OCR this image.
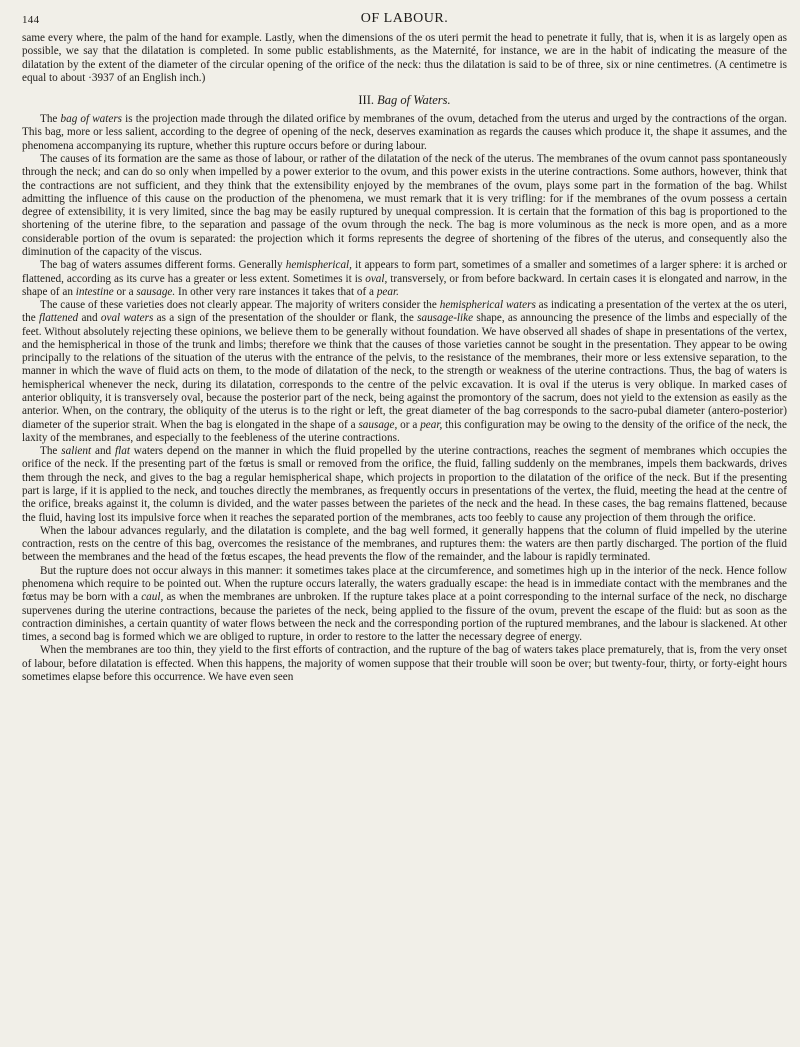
144	OF LABOUR.

same every where, the palm of the hand for example. Lastly, when the dimensions of the os uteri permit the head to penetrate it fully, that is, when it is as largely open as possible, we say that the dilatation is completed. In some public establishments, as the Maternité, for instance, we are in the habit of indicating the measure of the dilatation by the extent of the diameter of the circular opening of the orifice of the neck: thus the dilatation is said to be of three, six or nine centimetres. (A centimetre is equal to about ·3937 of an English inch.)

III. Bag of Waters.

The bag of waters is the projection made through the dilated orifice by membranes of the ovum, detached from the uterus and urged by the contractions of the organ. This bag, more or less salient, according to the degree of opening of the neck, deserves examination as regards the causes which produce it, the shape it assumes, and the phenomena accompanying its rupture, whether this rupture occurs before or during labour.

The causes of its formation are the same as those of labour, or rather of the dilatation of the neck of the uterus. The membranes of the ovum cannot pass spontaneously through the neck; and can do so only when impelled by a power exterior to the ovum, and this power exists in the uterine contractions. Some authors, however, think that the contractions are not sufficient, and they think that the extensibility enjoyed by the membranes of the ovum, plays some part in the formation of the bag. Whilst admitting the influence of this cause on the production of the phenomena, we must remark that it is very trifling: for if the membranes of the ovum possess a certain degree of extensibility, it is very limited, since the bag may be easily ruptured by unequal compression. It is certain that the formation of this bag is proportioned to the shortening of the uterine fibre, to the separation and passage of the ovum through the neck. The bag is more voluminous as the neck is more open, and as a more considerable portion of the ovum is separated: the projection which it forms represents the degree of shortening of the fibres of the uterus, and consequently also the diminution of the capacity of the viscus.

The bag of waters assumes different forms. Generally hemispherical, it appears to form part, sometimes of a smaller and sometimes of a larger sphere: it is arched or flattened, according as its curve has a greater or less extent. Sometimes it is oval, transversely, or from before backward. In certain cases it is elongated and narrow, in the shape of an intestine or a sausage. In other very rare instances it takes that of a pear.

The cause of these varieties does not clearly appear. The majority of writers consider the hemispherical waters as indicating a presentation of the vertex at the os uteri, the flattened and oval waters as a sign of the presentation of the shoulder or flank, the sausage-like shape, as announcing the presence of the limbs and especially of the feet. Without absolutely rejecting these opinions, we believe them to be generally without foundation. We have observed all shades of shape in presentations of the vertex, and the hemispherical in those of the trunk and limbs; therefore we think that the causes of those varieties cannot be sought in the presentation. They appear to be owing principally to the relations of the situation of the uterus with the entrance of the pelvis, to the resistance of the membranes, their more or less extensive separation, to the manner in which the wave of fluid acts on them, to the mode of dilatation of the neck, to the strength or weakness of the uterine contractions. Thus, the bag of waters is hemispherical whenever the neck, during its dilatation, corresponds to the centre of the pelvic excavation. It is oval if the uterus is very oblique. In marked cases of anterior obliquity, it is transversely oval, because the posterior part of the neck, being against the promontory of the sacrum, does not yield to the extension as easily as the anterior. When, on the contrary, the obliquity of the uterus is to the right or left, the great diameter of the bag corresponds to the sacro-pubal diameter (antero-posterior) diameter of the superior strait. When the bag is elongated in the shape of a sausage, or a pear, this configuration may be owing to the density of the orifice of the neck, the laxity of the membranes, and especially to the feebleness of the uterine contractions.

The salient and flat waters depend on the manner in which the fluid propelled by the uterine contractions, reaches the segment of membranes which occupies the orifice of the neck. If the presenting part of the fœtus is small or removed from the orifice, the fluid, falling suddenly on the membranes, impels them backwards, drives them through the neck, and gives to the bag a regular hemispherical shape, which projects in proportion to the dilatation of the orifice of the neck. But if the presenting part is large, if it is applied to the neck, and touches directly the membranes, as frequently occurs in presentations of the vertex, the fluid, meeting the head at the centre of the orifice, breaks against it, the column is divided, and the water passes between the parietes of the neck and the head. In these cases, the bag remains flattened, because the fluid, having lost its impulsive force when it reaches the separated portion of the membranes, acts too feebly to cause any projection of them through the orifice.

When the labour advances regularly, and the dilatation is complete, and the bag well formed, it generally happens that the column of fluid impelled by the uterine contraction, rests on the centre of this bag, overcomes the resistance of the membranes, and ruptures them: the waters are then partly discharged. The portion of the fluid between the membranes and the head of the fœtus escapes, the head prevents the flow of the remainder, and the labour is rapidly terminated.

But the rupture does not occur always in this manner: it sometimes takes place at the circumference, and sometimes high up in the interior of the neck. Hence follow phenomena which require to be pointed out. When the rupture occurs laterally, the waters gradually escape: the head is in immediate contact with the membranes and the fœtus may be born with a caul, as when the membranes are unbroken. If the rupture takes place at a point corresponding to the internal surface of the neck, no discharge supervenes during the uterine contractions, because the parietes of the neck, being applied to the fissure of the ovum, prevent the escape of the fluid: but as soon as the contraction diminishes, a certain quantity of water flows between the neck and the corresponding portion of the ruptured membranes, and the labour is slackened. At other times, a second bag is formed which we are obliged to rupture, in order to restore to the latter the necessary degree of energy.

When the membranes are too thin, they yield to the first efforts of contraction, and the rupture of the bag of waters takes place prematurely, that is, from the very onset of labour, before dilatation is effected. When this happens, the majority of women suppose that their trouble will soon be over; but twenty-four, thirty, or forty-eight hours sometimes elapse before this occurrence. We have even seen
